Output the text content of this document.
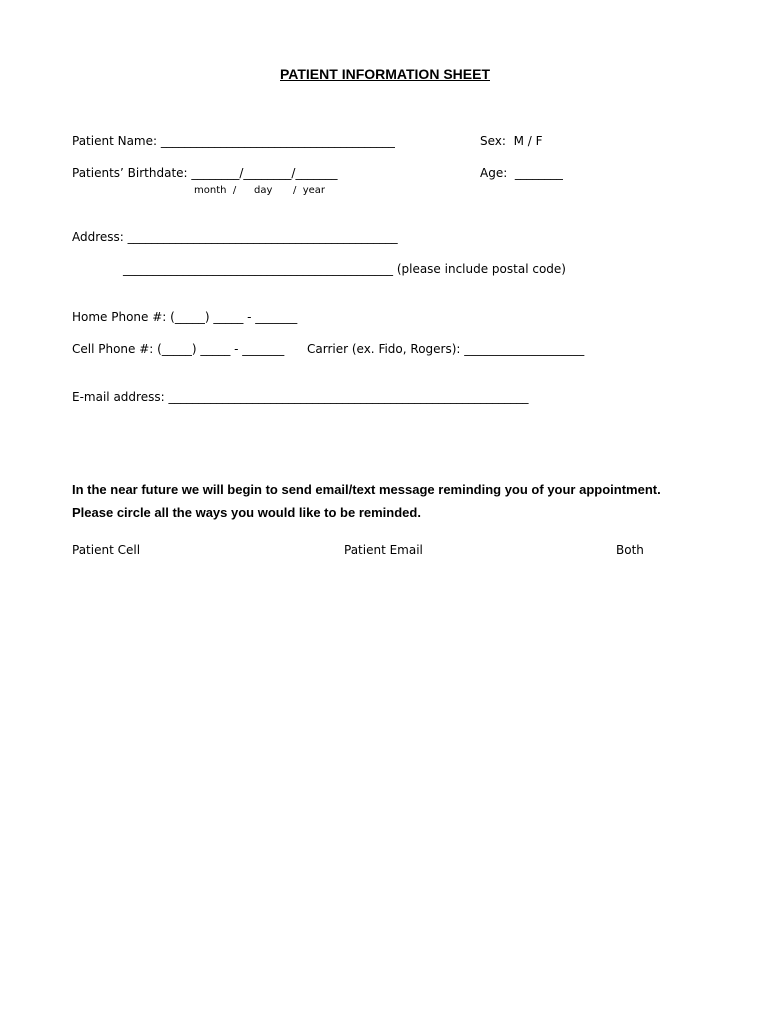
PATIENT INFORMATION SHEET
Patient Name: _______________________________________	Sex:  M / F
Patients’ Birthdate: ________/________/_______	Age:  ________
month  / day /  year
Address: _____________________________________________
_____________________________________________ (please include postal code)
Home Phone #: (_____) _____ - _______
Cell Phone #: (_____) _____ - _______ Carrier (ex. Fido, Rogers): ____________________
E-mail address: ____________________________________________________________
In the near future we will begin to send email/text message reminding you of your appointment.
Please circle all the ways you would like to be reminded.
Patient Cell	Patient Email	Both
